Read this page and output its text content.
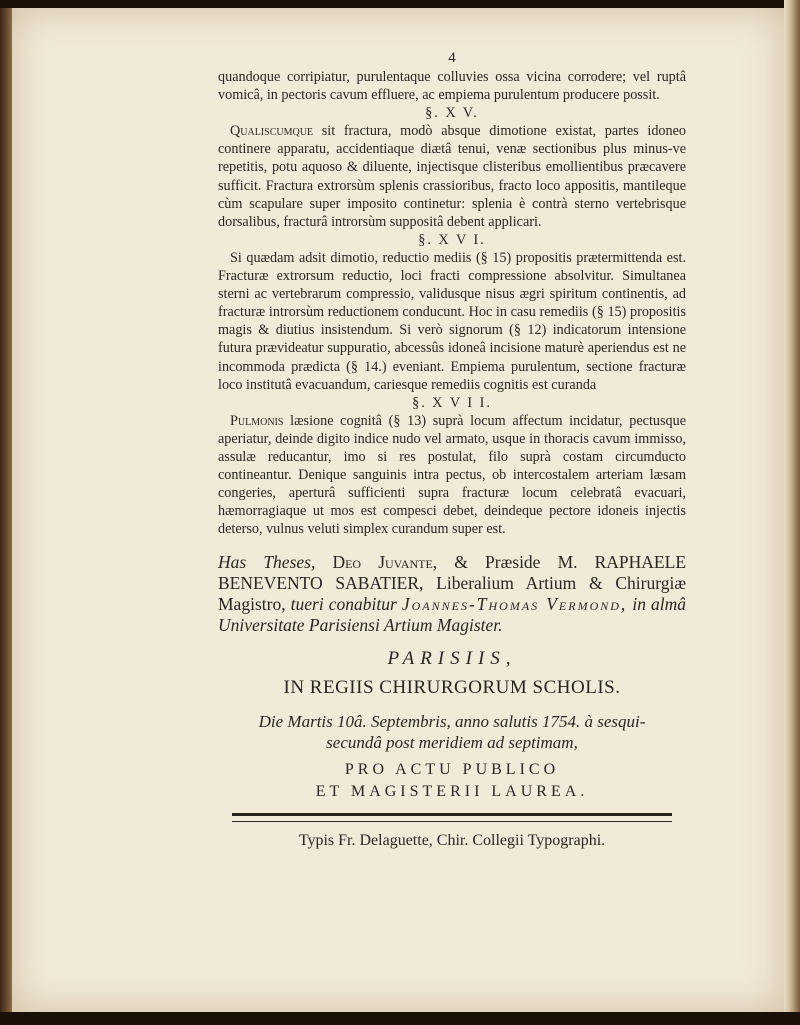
4

quandoque corripiatur, purulentaque colluvies ossa vicina corrodere; vel ruptâ vomicâ, in pectoris cavum effluere, ac empiema purulentum producere possit.

§. X V.

Qualiscumque sit fractura, modò absque dimotione existat, partes idoneo continere apparatu, accidentiaque diætâ tenui, venæ sectionibus plus minus-ve repetitis, potu aquoso & diluente, injectisque clisteribus emollientibus præcavere sufficit. Fractura extrorsùm splenis crassioribus, fracto loco appositis, mantileque cùm scapulare super imposito continetur: splenia è contrà sterno vertebrisque dorsalibus, fracturâ introrsùm suppositâ debent applicari.

§. X V I.

Si quædam adsit dimotio, reductio mediis (§ 15) propositis prætermittenda est. Fracturæ extrorsum reductio, loci fracti compressione absolvitur. Simultanea sterni ac vertebrarum compressio, validusque nisus ægri spiritum continentis, ad fracturæ introrsùm reductionem conducunt. Hoc in casu remediis (§ 15) propositis magis & diutius insistendum. Si verò signorum (§ 12) indicatorum intensione futura prævideatur suppuratio, abcessûs idoneâ incisione maturè aperiendus est ne incommoda prædicta (§ 14.) eveniant. Empiema purulentum, sectione fracturæ loco institutâ evacuandum, cariesque remediis cognitis est curanda

§. X V I I.

Pulmonis læsione cognitâ (§ 13) suprà locum affectum incidatur, pectusque aperiatur, deinde digito indice nudo vel armato, usque in thoracis cavum immisso, assulæ reducantur, imo si res postulat, filo suprà costam circumducto contineantur. Denique sanguinis intra pectus, ob intercostalem arteriam læsam congeries, aperturâ sufficienti supra fracturæ locum celebratâ evacuari, hæmorragiaque ut mos est compesci debet, deindeque pectore idoneis injectis deterso, vulnus veluti simplex curandum super est.

Has Theses, Deo Juvante, & Præside M. RAPHAELE BENEVENTO SABATIER, Liberalium Artium & Chirurgiæ Magistro, tueri conabitur Joannes-Thomas Vermond, in almâ Universitate Parisiensi Artium Magister.
PARISIIS,
IN REGIIS CHIRURGORUM SCHOLIS.
Die Martis 10â. Septembris, anno salutis 1754. à sesqui-
secundâ post meridiem ad septimam,
PRO ACTU PUBLICO
ET MAGISTERII LAUREA.
Typis Fr. Delaguette, Chir. Collegii Typographi.
